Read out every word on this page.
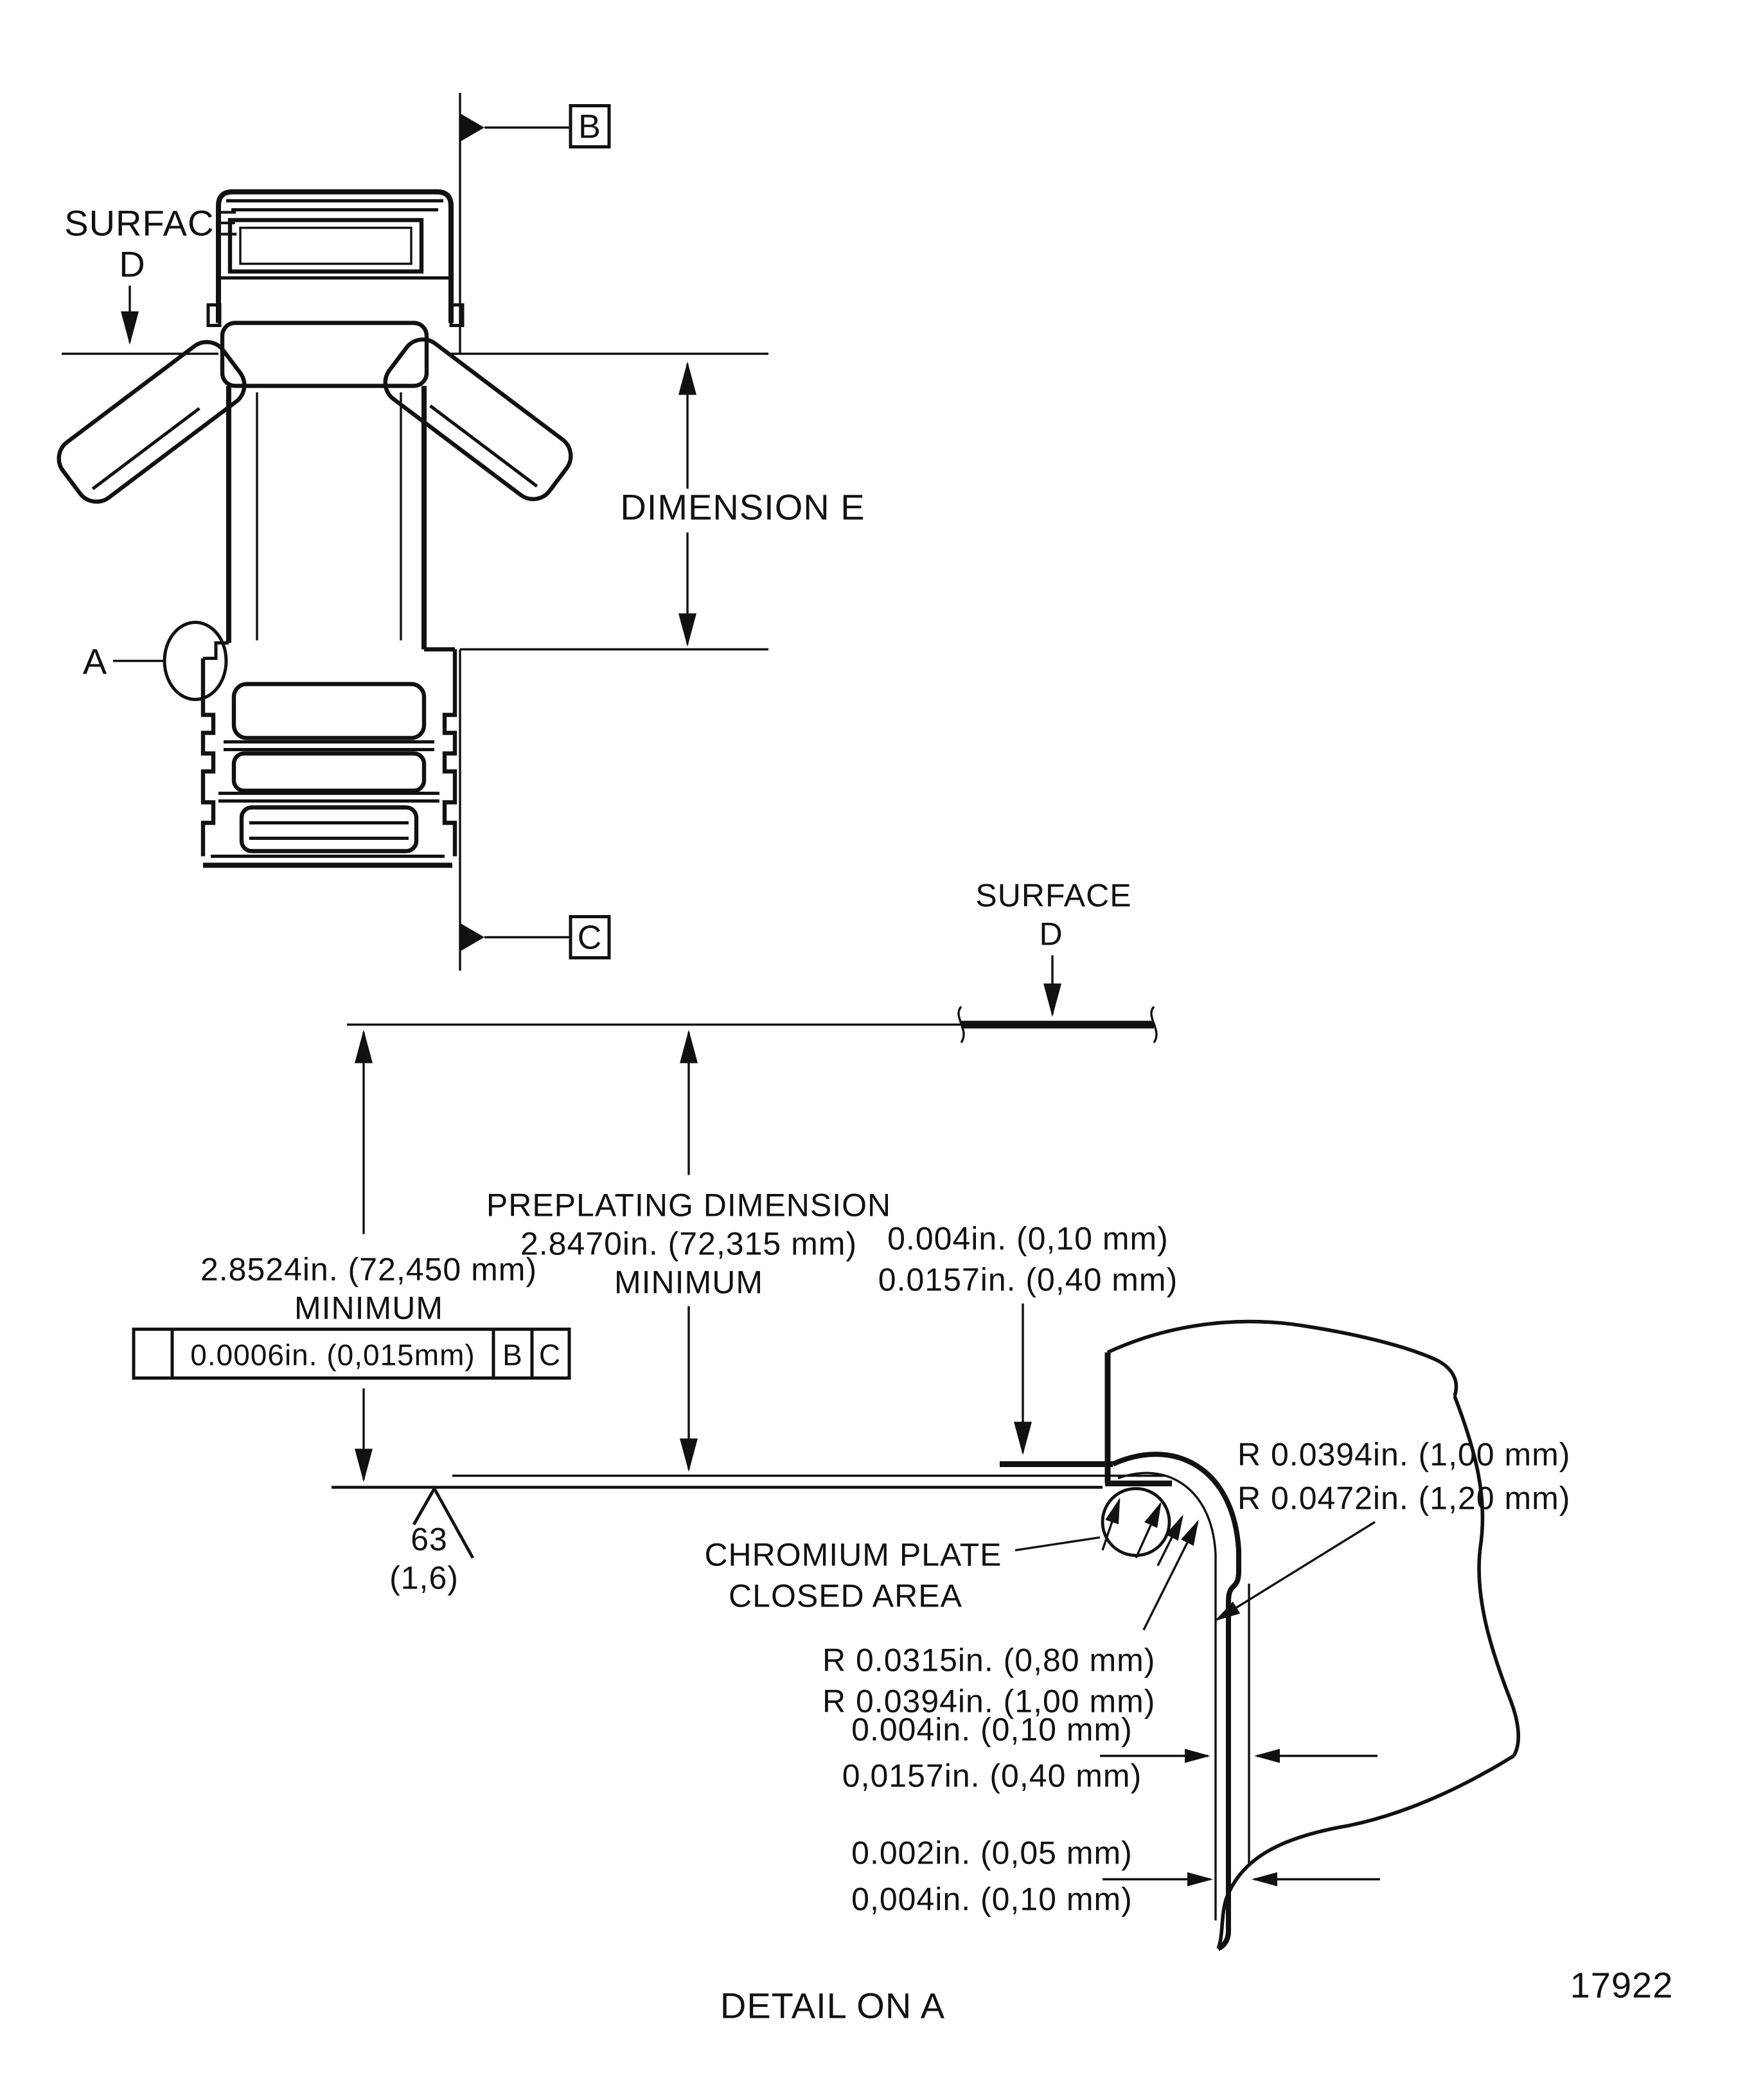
SURFACE
D
B
A
DIMENSION E
C
SURFACE
D
2.8524in. (72,450 mm)
MINIMUM
0.0006in. (0,015mm) B C
PREPLATING DIMENSION
2.8470in. (72,315 mm)
MINIMUM
63
(1,6)
0.004in. (0,10 mm)
0.0157in. (0,40 mm)
R 0.0394in. (1,00 mm)
R 0.0472in. (1,20 mm)
CHROMIUM PLATE
CLOSED AREA
R 0.0315in. (0,80 mm)
R 0.0394in. (1,00 mm)
0.004in. (0,10 mm)
0,0157in. (0,40 mm)
0.002in. (0,05 mm)
0,004in. (0,10 mm)
DETAIL ON A
17922
